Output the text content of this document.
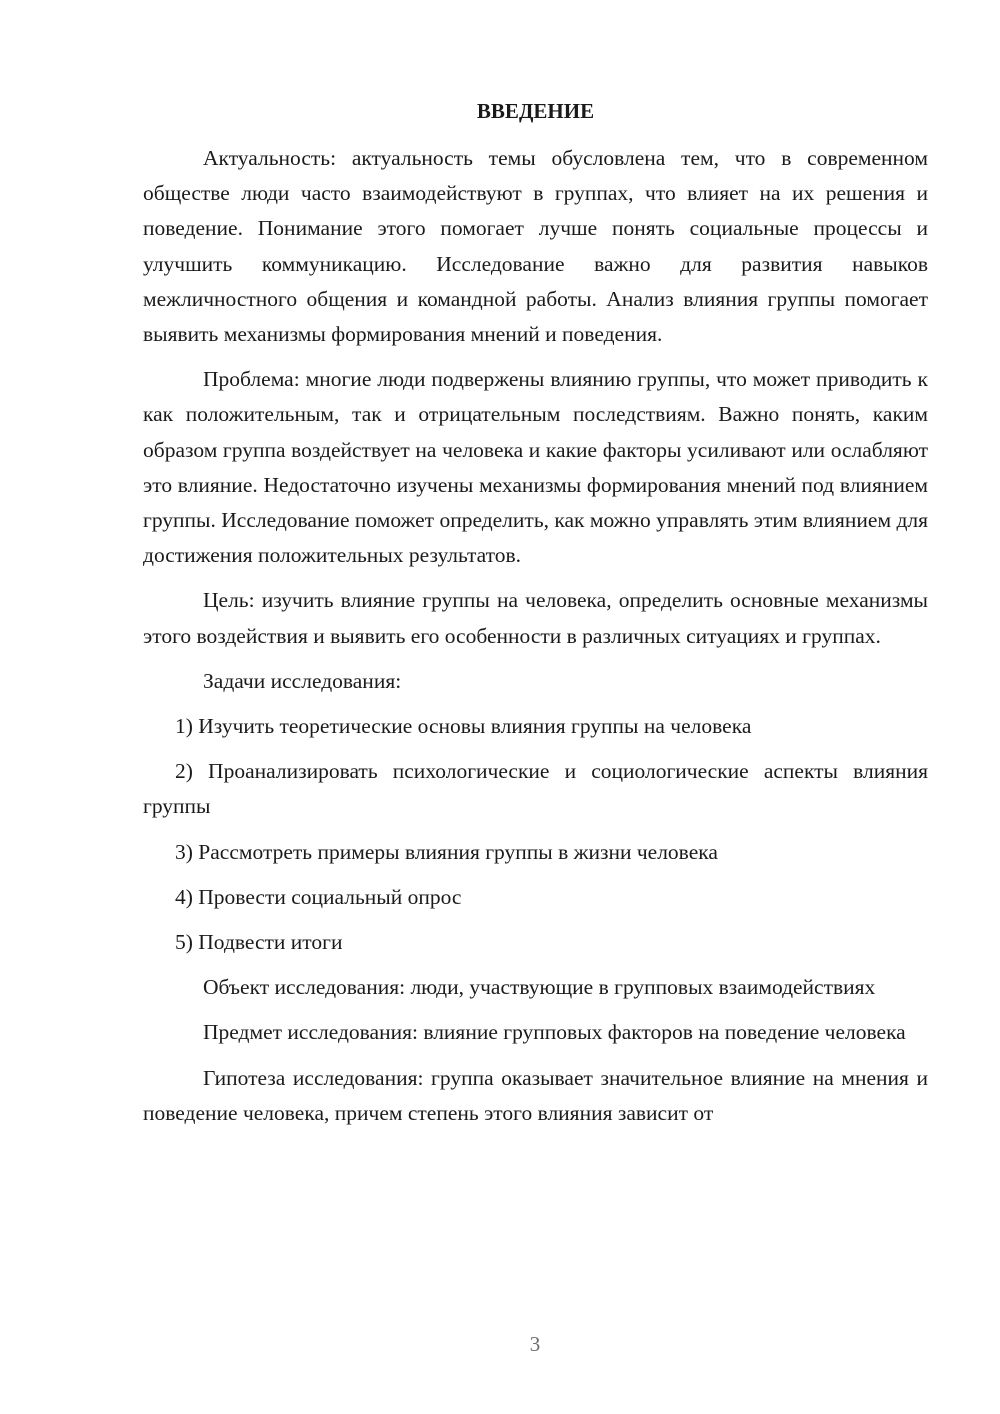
ВВЕДЕНИЕ

Актуальность: актуальность темы обусловлена тем, что в современном обществе люди часто взаимодействуют в группах, что влияет на их решения и поведение. Понимание этого помогает лучше понять социальные процессы и улучшить коммуникацию. Исследование важно для развития навыков межличностного общения и командной работы. Анализ влияния группы помогает выявить механизмы формирования мнений и поведения.

Проблема: многие люди подвержены влиянию группы, что может приводить к как положительным, так и отрицательным последствиям. Важно понять, каким образом группа воздействует на человека и какие факторы усиливают или ослабляют это влияние. Недостаточно изучены механизмы формирования мнений под влиянием группы. Исследование поможет определить, как можно управлять этим влиянием для достижения положительных результатов.

Цель: изучить влияние группы на человека, определить основные механизмы этого воздействия и выявить его особенности в различных ситуациях и группах.

Задачи исследования:

1) Изучить теоретические основы влияния группы на человека

2) Проанализировать психологические и социологические аспекты влияния группы

3) Рассмотреть примеры влияния группы в жизни человека

4) Провести социальный опрос

5) Подвести итоги

Объект исследования: люди, участвующие в групповых взаимодействиях

Предмет исследования: влияние групповых факторов на поведение человека

Гипотеза исследования: группа оказывает значительное влияние на мнения и поведение человека, причем степень этого влияния зависит от

3
